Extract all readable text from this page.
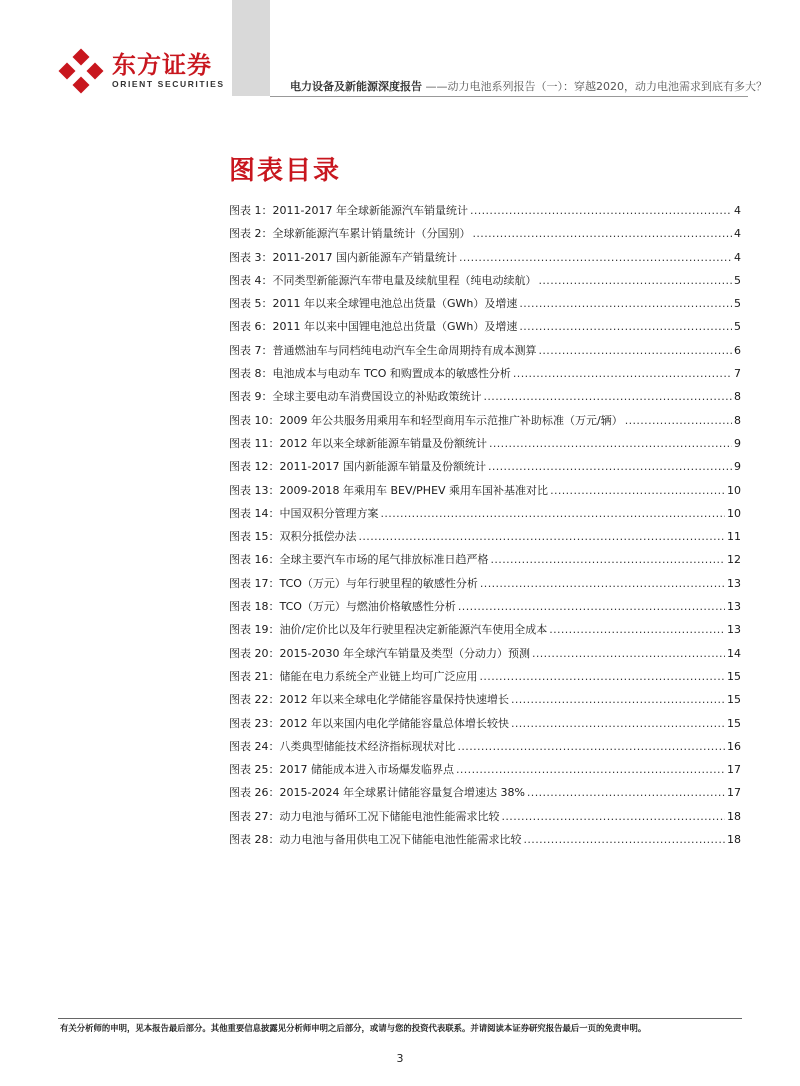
东方证券
ORIENT SECURITIES	电力设备及新能源深度报告 ——动力电池系列报告（一）：穿越2020，动力电池需求到底有多大？
图表目录
图表 1：2011-2017 年全球新能源汽车销量统计 .....	4
图表 2：全球新能源汽车累计销量统计（分国别） .....	4
图表 3：2011-2017 国内新能源车产销量统计 .....	4
图表 4：不同类型新能源汽车带电量及续航里程（纯电动续航） .....	5
图表 5：2011 年以来全球锂电池总出货量（GWh）及增速 .....	5
图表 6：2011 年以来中国锂电池总出货量（GWh）及增速 .....	5
图表 7：普通燃油车与同档纯电动汽车全生命周期持有成本测算 .....	6
图表 8：电池成本与电动车 TCO 和购置成本的敏感性分析 .....	7
图表 9：全球主要电动车消费国设立的补贴政策统计 .....	8
图表 10：2009 年公共服务用乘用车和轻型商用车示范推广补助标准（万元/辆） .....	8
图表 11：2012 年以来全球新能源车销量及份额统计 .....	9
图表 12：2011-2017 国内新能源车销量及份额统计 .....	9
图表 13：2009-2018 年乘用车 BEV/PHEV 乘用车国补基准对比 .....	10
图表 14：中国双积分管理方案 .....	10
图表 15：双积分抵偿办法 .....	11
图表 16：全球主要汽车市场的尾气排放标准日趋严格 .....	12
图表 17：TCO（万元）与年行驶里程的敏感性分析 .....	13
图表 18：TCO（万元）与燃油价格敏感性分析 .....	13
图表 19：油价/定价比以及年行驶里程决定新能源汽车使用全成本 .....	13
图表 20：2015-2030 年全球汽车销量及类型（分动力）预测 .....	14
图表 21：储能在电力系统全产业链上均可广泛应用 .....	15
图表 22：2012 年以来全球电化学储能容量保持快速增长 .....	15
图表 23：2012 年以来国内电化学储能容量总体增长较快 .....	15
图表 24：八类典型储能技术经济指标现状对比 .....	16
图表 25：2017 储能成本进入市场爆发临界点 .....	17
图表 26：2015-2024 年全球累计储能容量复合增速达 38% .....	17
图表 27：动力电池与循环工况下储能电池性能需求比较 .....	18
图表 28：动力电池与备用供电工况下储能电池性能需求比较 .....	18
有关分析师的申明，见本报告最后部分。其他重要信息披露见分析师申明之后部分，或请与您的投资代表联系。并请阅读本证券研究报告最后一页的免责申明。
3
